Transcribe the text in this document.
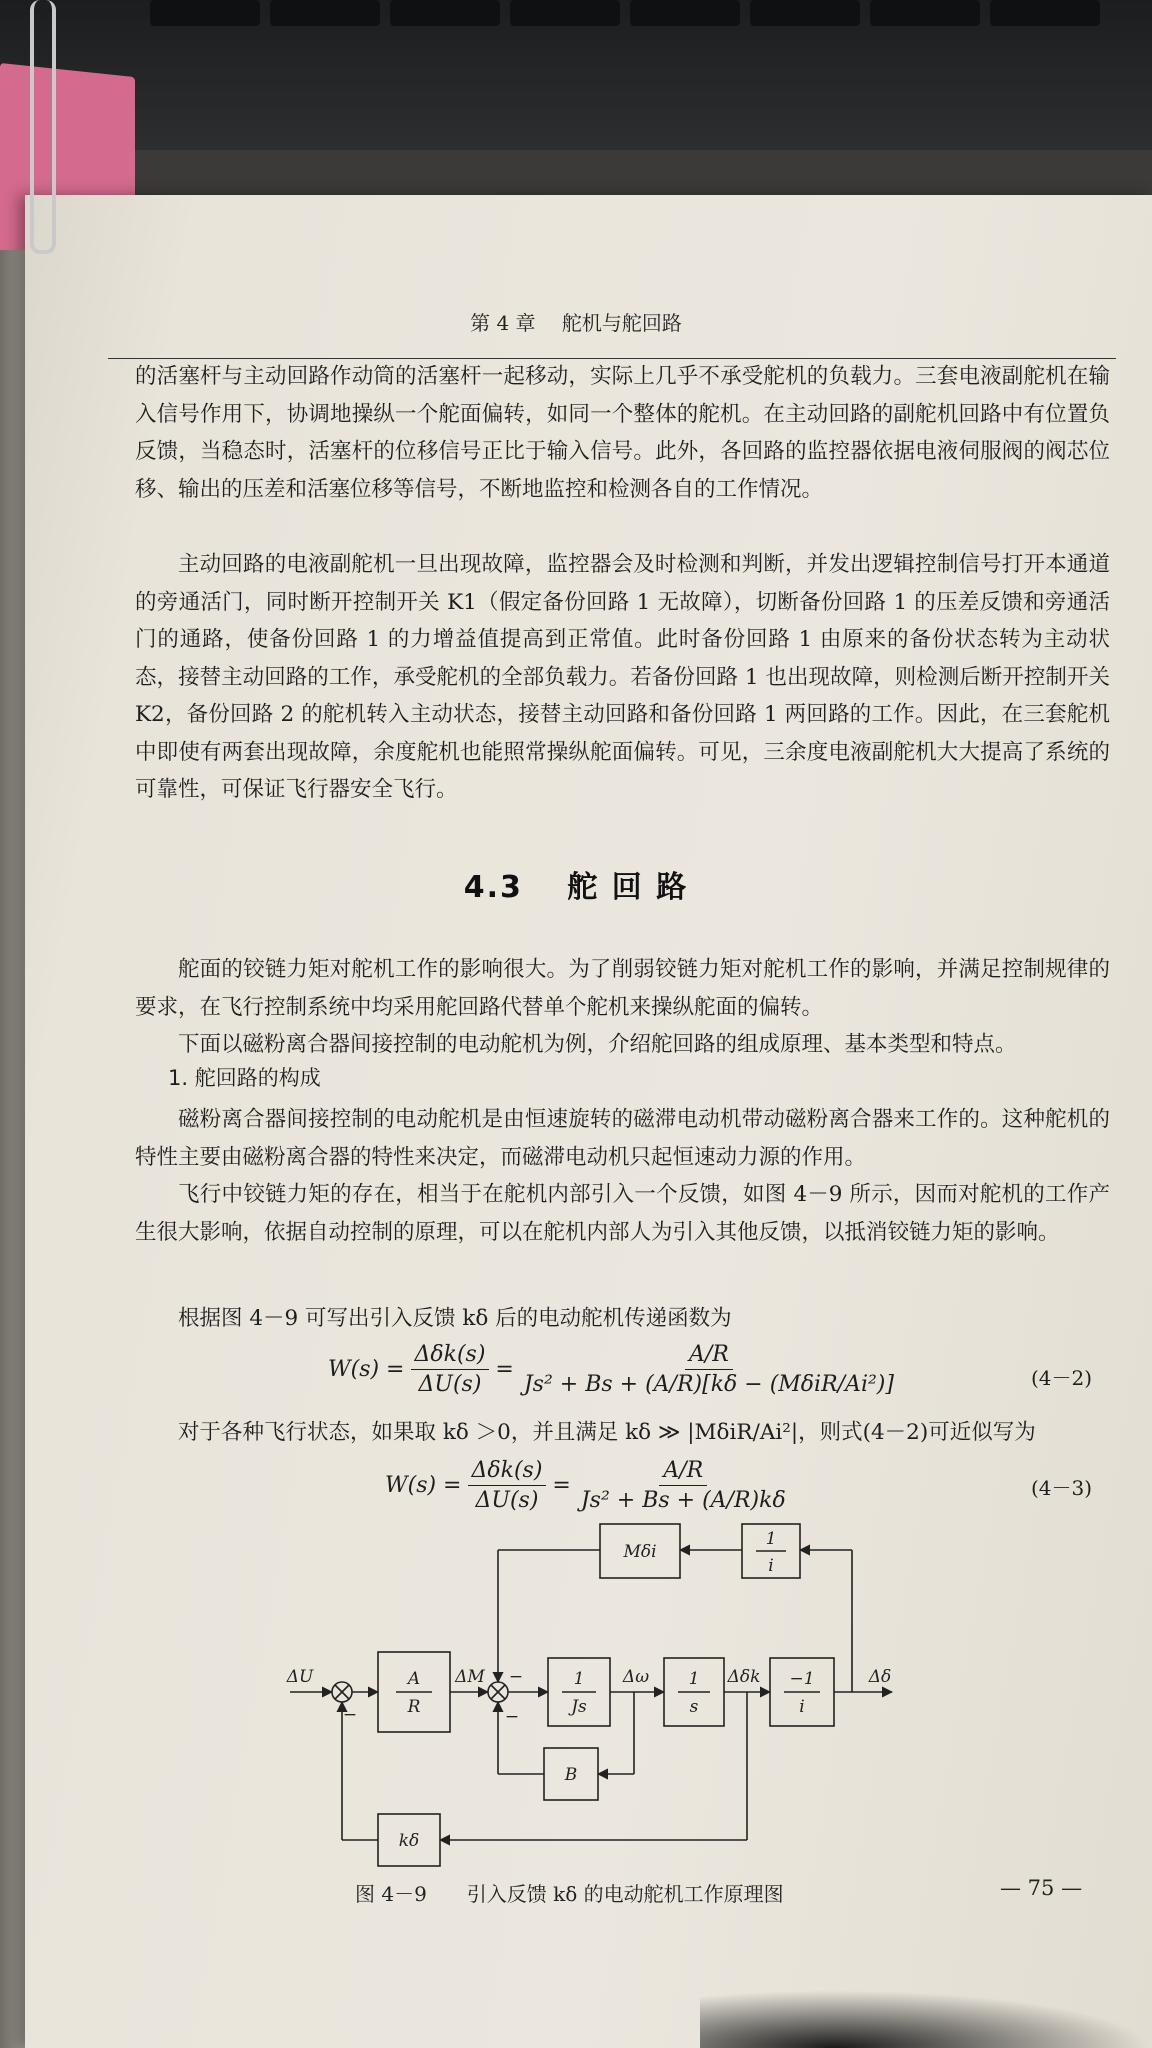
第 4 章　 舵机与舵回路
的活塞杆与主动回路作动筒的活塞杆一起移动，实际上几乎不承受舵机的负载力。三套电液副舵机在输入信号作用下，协调地操纵一个舵面偏转，如同一个整体的舵机。在主动回路的副舵机回路中有位置负反馈，当稳态时，活塞杆的位移信号正比于输入信号。此外，各回路的监控器依据电液伺服阀的阀芯位移、输出的压差和活塞位移等信号，不断地监控和检测各自的工作情况。
主动回路的电液副舵机一旦出现故障，监控器会及时检测和判断，并发出逻辑控制信号打开本通道的旁通活门，同时断开控制开关 K1（假定备份回路 1 无故障），切断备份回路 1 的压差反馈和旁通活门的通路，使备份回路 1 的力增益值提高到正常值。此时备份回路 1 由原来的备份状态转为主动状态，接替主动回路的工作，承受舵机的全部负载力。若备份回路 1 也出现故障，则检测后断开控制开关 K2，备份回路 2 的舵机转入主动状态，接替主动回路和备份回路 1 两回路的工作。因此，在三套舵机中即使有两套出现故障，余度舵机也能照常操纵舵面偏转。可见，三余度电液副舵机大大提高了系统的可靠性，可保证飞行器安全飞行。
4.3　 舵 回 路
舵面的铰链力矩对舵机工作的影响很大。为了削弱铰链力矩对舵机工作的影响，并满足控制规律的要求，在飞行控制系统中均采用舵回路代替单个舵机来操纵舵面的偏转。
下面以磁粉离合器间接控制的电动舵机为例，介绍舵回路的组成原理、基本类型和特点。
1. 舵回路的构成
磁粉离合器间接控制的电动舵机是由恒速旋转的磁滞电动机带动磁粉离合器来工作的。这种舵机的特性主要由磁粉离合器的特性来决定，而磁滞电动机只起恒速动力源的作用。
飞行中铰链力矩的存在，相当于在舵机内部引入一个反馈，如图 4－9 所示，因而对舵机的工作产生很大影响，依据自动控制的原理，可以在舵机内部人为引入其他反馈，以抵消铰链力矩的影响。
根据图 4－9 可写出引入反馈 kδ 后的电动舵机传递函数为
$W(s) = \frac{\text{Δδk(s)}}{\Delta U(s)} = \frac{A/R}{\text{Js² + Bs + (A/R)[kδ − (MδiR/Ai²)]}}$	(4－2)
对于各种飞行状态，如果取 kδ ＞0，并且满足 kδ ≫ |MδiR/Ai²|，则式(4－2)可近似写为
$W(s) = \frac{\text{Δδk(s)}}{\Delta U(s)} = \frac{A/R}{\text{Js² + Bs + (A/R)kδ}}$	(4－3)
ΔU	A
R
ΔM	1
Js
Δω 1
s
Δδk −1
i
Δδ
Mδi
1
i
B
kδ
−
−
−
图 4－9　　引入反馈 kδ 的电动舵机工作原理图	— 75 —
